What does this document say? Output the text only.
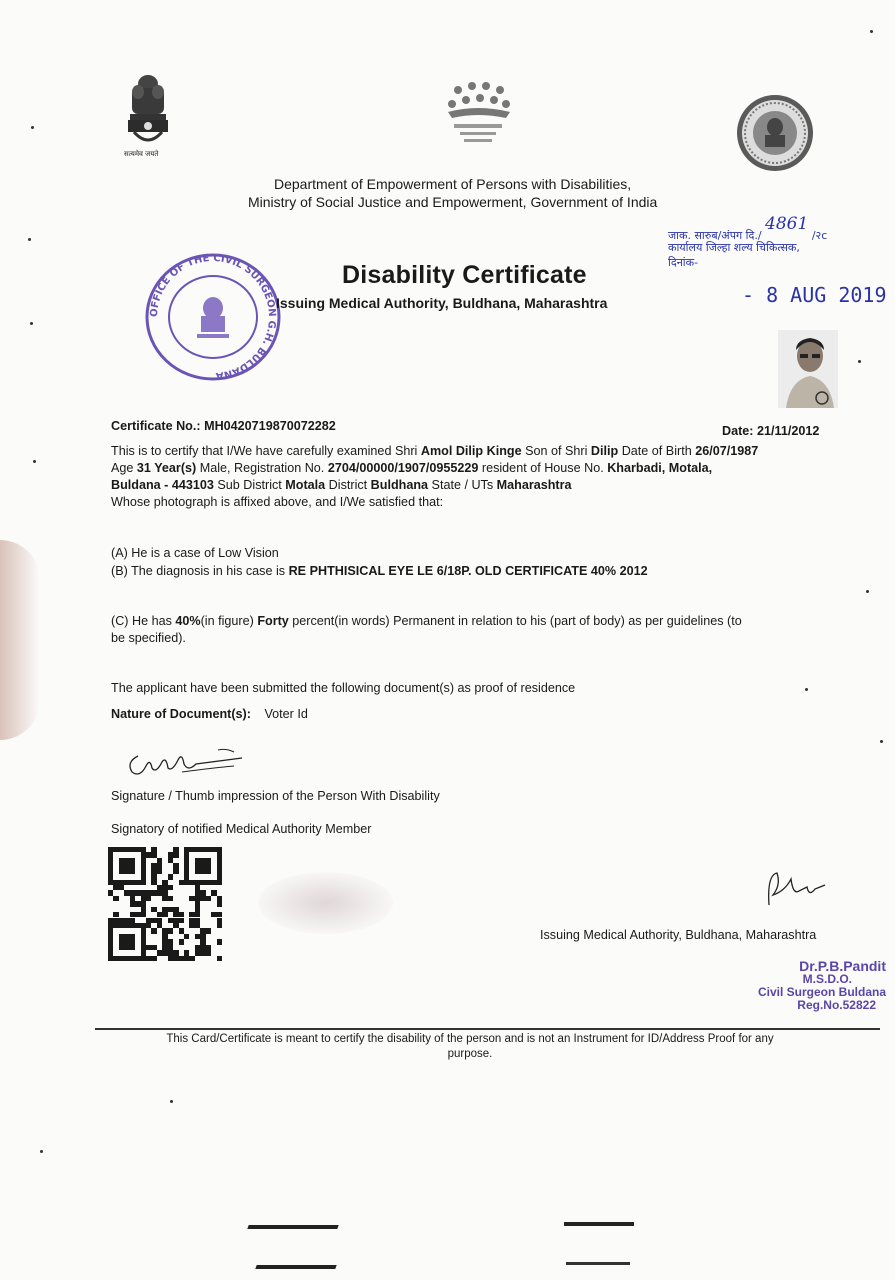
सत्यमेव जयते
Department of Empowerment of Persons with Disabilities,
Ministry of Social Justice and Empowerment, Government of India
जाक. सारुब/अंपग दि./ 4861 /२c
कार्यालय जिल्हा शल्य चिकित्सक,
दिनांक-
- 8 AUG 2019
OFFICE OF THE CIVIL SURGEON G.H. BULDANA
Disability Certificate
Issuing Medical Authority, Buldhana, Maharashtra
Certificate No.: MH0420719870072282	Date: 21/11/2012
This is to certify that I/We have carefully examined Shri Amol Dilip Kinge Son of Shri Dilip Date of Birth 26/07/1987
Age 31 Year(s) Male, Registration No. 2704/00000/1907/0955229 resident of House No. Kharbadi, Motala,
Buldana - 443103 Sub District Motala District Buldhana State / UTs Maharashtra
Whose photograph is affixed above, and I/We satisfied that:
(A) He is a case of Low Vision
(B) The diagnosis in his case is RE PHTHISICAL EYE LE 6/18P. OLD CERTIFICATE 40% 2012
(C) He has 40%(in figure) Forty percent(in words) Permanent in relation to his (part of body) as per guidelines (to
be specified).
The applicant have been submitted the following document(s) as proof of residence
Nature of Document(s): Voter Id
Signature / Thumb impression of the Person With Disability
Signatory of notified Medical Authority Member
Issuing Medical Authority, Buldhana, Maharashtra
Dr.P.B.Pandit
M.S.D.O.
Civil Surgeon Buldana
Reg.No.52822
This Card/Certificate is meant to certify the disability of the person and is not an Instrument for ID/Address Proof for any
purpose.
